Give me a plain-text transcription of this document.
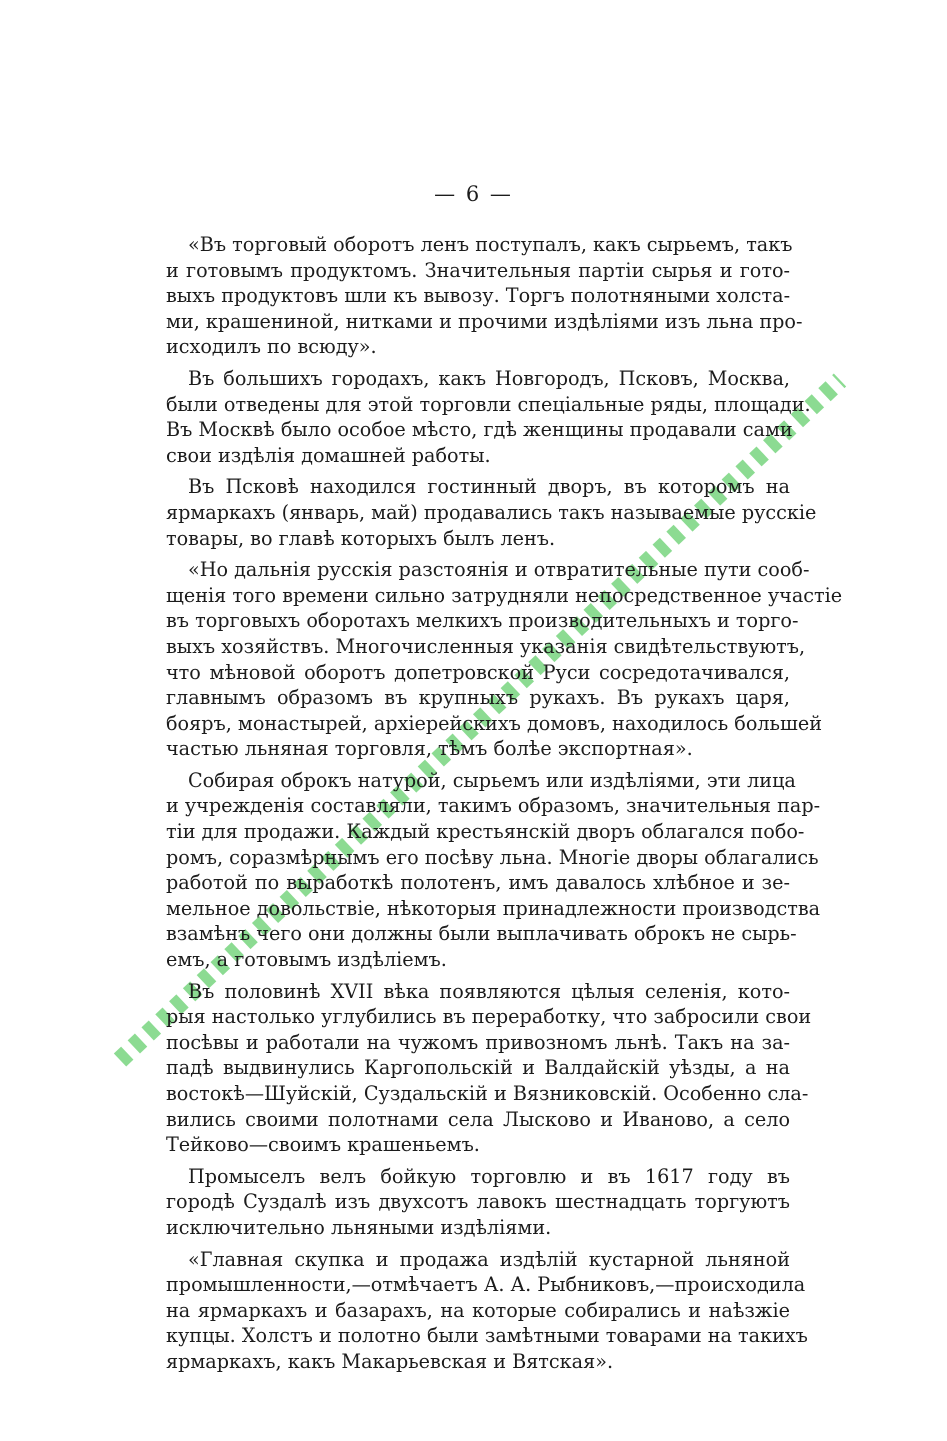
— 6 —
«Въ торговый оборотъ ленъ поступалъ, какъ сырьемъ, такъ
и готовымъ продуктомъ. Значительныя партіи сырья и гото-
выхъ продуктовъ шли къ вывозу. Торгъ полотняными холста-
ми, крашениной, нитками и прочими издѣліями изъ льна про-
исходилъ по всюду».
Въ большихъ городахъ, какъ Новгородъ, Псковъ, Москва,
были отведены для этой торговли спеціальные ряды, площади.
Въ Москвѣ было особое мѣсто, гдѣ женщины продавали сами
свои издѣлія домашней работы.
Въ Псковѣ находился гостинный дворъ, въ которомъ на
ярмаркахъ (январь, май) продавались такъ называемые русскіе
товары, во главѣ которыхъ былъ ленъ.
«Но дальнія русскія разстоянія и отвратительные пути сооб-
щенія того времени сильно затрудняли непосредственное участіе
въ торговыхъ оборотахъ мелкихъ производительныхъ и торго-
выхъ хозяйствъ. Многочисленныя указанія свидѣтельствуютъ,
что мѣновой оборотъ допетровской Руси сосредотачивался,
главнымъ образомъ въ крупныхъ рукахъ. Въ рукахъ царя,
бояръ, монастырей, архіерейскихъ домовъ, находилось большей
частью льняная торговля, тѣмъ болѣе экспортная».
Собирая оброкъ натурой, сырьемъ или издѣліями, эти лица
и учрежденія составляли, такимъ образомъ, значительныя пар-
тіи для продажи. Каждый крестьянскій дворъ облагался побо-
ромъ, соразмѣрнымъ его посѣву льна. Многіе дворы облагались
работой по выработкѣ полотенъ, имъ давалось хлѣбное и зе-
мельное довольствіе, нѣкоторыя принадлежности производства
взамѣнъ чего они должны были выплачивать оброкъ не сырь-
емъ, а готовымъ издѣліемъ.
Въ половинѣ XVII вѣка появляются цѣлыя селенія, кото-
рыя настолько углубились въ переработку, что забросили свои
посѣвы и работали на чужомъ привозномъ льнѣ. Такъ на за-
падѣ выдвинулись Каргопольскій и Валдайскій уѣзды, а на
востокѣ—Шуйскій, Суздальскій и Вязниковскій. Особенно сла-
вились своими полотнами села Лысково и Иваново, а село
Тейково—своимъ крашеньемъ.
Промыселъ велъ бойкую торговлю и въ 1617 году въ
городѣ Суздалѣ изъ двухсотъ лавокъ шестнадцать торгуютъ
исключительно льняными издѣліями.
«Главная скупка и продажа издѣлій кустарной льняной
промышленности,—отмѣчаетъ А. А. Рыбниковъ,—происходила
на ярмаркахъ и базарахъ, на которые собирались и наѣзжіе
купцы. Холстъ и полотно были замѣтными товарами на такихъ
ярмаркахъ, какъ Макарьевская и Вятская».
